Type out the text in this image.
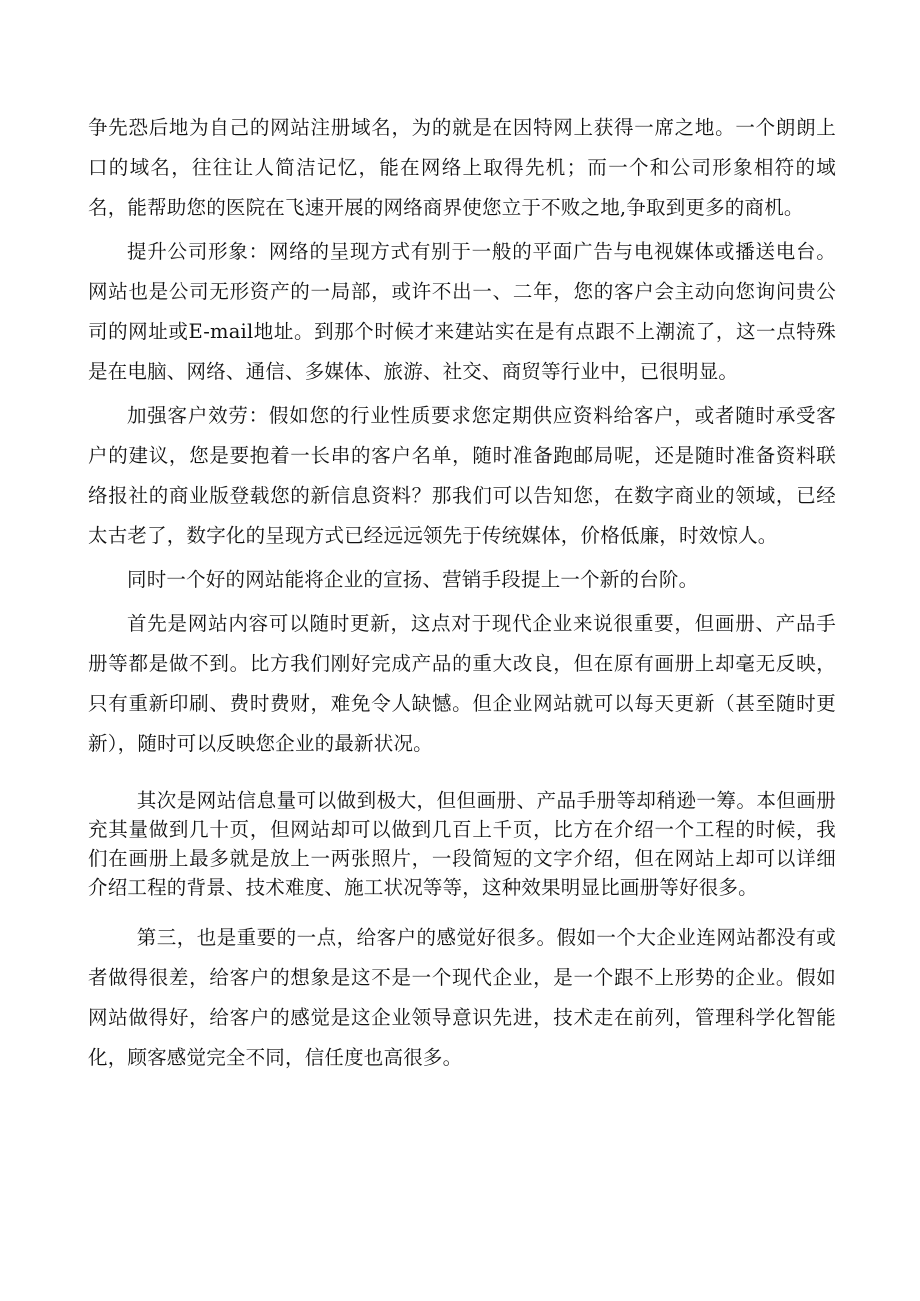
争先恐后地为自己的网站注册域名，为的就是在因特网上获得一席之地。一个朗朗上口的域名，往往让人简洁记忆，能在网络上取得先机；而一个和公司形象相符的域名，能帮助您的医院在飞速开展的网络商界使您立于不败之地,争取到更多的商机。

提升公司形象：网络的呈现方式有别于一般的平面广告与电视媒体或播送电台。网站也是公司无形资产的一局部，或许不出一、二年，您的客户会主动向您询问贵公司的网址或E-mail地址。到那个时候才来建站实在是有点跟不上潮流了，这一点特殊是在电脑、网络、通信、多媒体、旅游、社交、商贸等行业中，已很明显。

加强客户效劳：假如您的行业性质要求您定期供应资料给客户，或者随时承受客户的建议，您是要抱着一长串的客户名单，随时准备跑邮局呢，还是随时准备资料联络报社的商业版登载您的新信息资料？那我们可以告知您，在数字商业的领域，已经太古老了，数字化的呈现方式已经远远领先于传统媒体，价格低廉，时效惊人。

同时一个好的网站能将企业的宣扬、营销手段提上一个新的台阶。

首先是网站内容可以随时更新，这点对于现代企业来说很重要，但画册、产品手册等都是做不到。比方我们刚好完成产品的重大改良，但在原有画册上却毫无反映，只有重新印刷、费时费财，难免令人缺憾。但企业网站就可以每天更新（甚至随时更新），随时可以反映您企业的最新状况。

其次是网站信息量可以做到极大，但但画册、产品手册等却稍逊一筹。本但画册充其量做到几十页，但网站却可以做到几百上千页，比方在介绍一个工程的时候，我们在画册上最多就是放上一两张照片，一段简短的文字介绍，但在网站上却可以详细介绍工程的背景、技术难度、施工状况等等，这种效果明显比画册等好很多。

第三，也是重要的一点，给客户的感觉好很多。假如一个大企业连网站都没有或者做得很差，给客户的想象是这不是一个现代企业，是一个跟不上形势的企业。假如网站做得好，给客户的感觉是这企业领导意识先进，技术走在前列，管理科学化智能化，顾客感觉完全不同，信任度也高很多。
